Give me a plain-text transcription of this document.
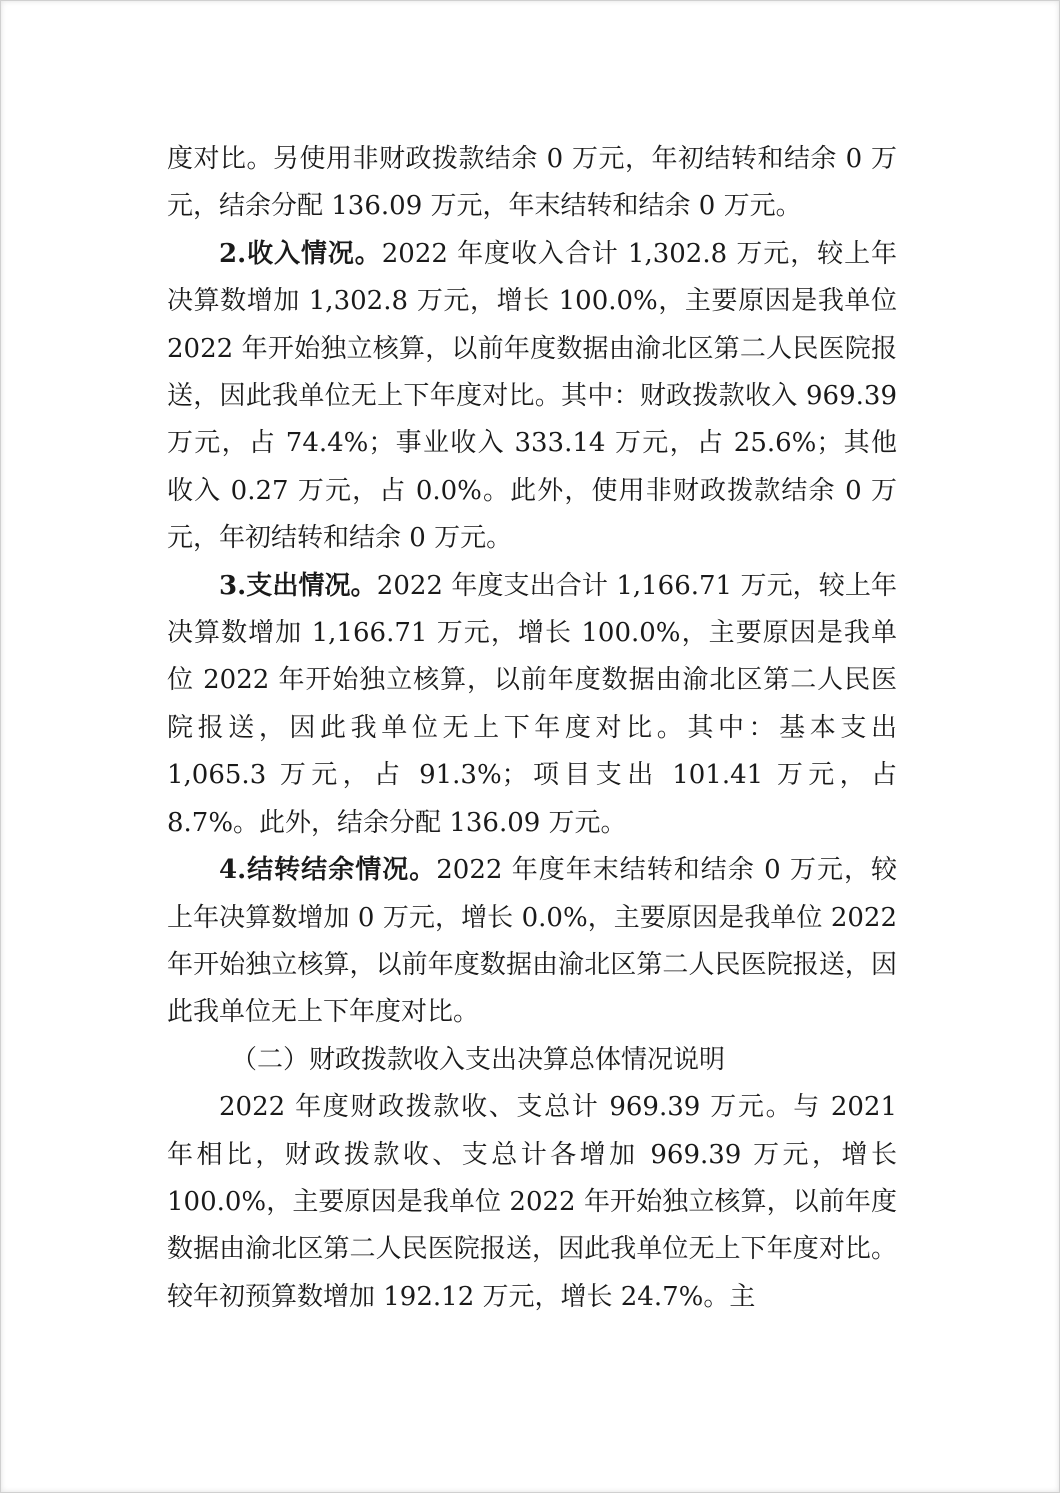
度对比。另使用非财政拨款结余 0 万元，年初结转和结余 0 万元，结余分配 136.09 万元，年末结转和结余 0 万元。

2.收入情况。2022 年度收入合计 1,302.8 万元，较上年决算数增加 1,302.8 万元，增长 100.0%，主要原因是我单位 2022 年开始独立核算，以前年度数据由渝北区第二人民医院报送，因此我单位无上下年度对比。其中：财政拨款收入 969.39 万元，占 74.4%；事业收入 333.14 万元，占 25.6%；其他收入 0.27 万元，占 0.0%。此外，使用非财政拨款结余 0 万元，年初结转和结余 0 万元。

3.支出情况。2022 年度支出合计 1,166.71 万元，较上年决算数增加 1,166.71 万元，增长 100.0%，主要原因是我单位 2022 年开始独立核算，以前年度数据由渝北区第二人民医院报送，因此我单位无上下年度对比。其中：基本支出 1,065.3 万元，占 91.3%；项目支出 101.41 万元，占 8.7%。此外，结余分配 136.09 万元。

4.结转结余情况。2022 年度年末结转和结余 0 万元，较上年决算数增加 0 万元，增长 0.0%，主要原因是我单位 2022 年开始独立核算，以前年度数据由渝北区第二人民医院报送，因此我单位无上下年度对比。

（二）财政拨款收入支出决算总体情况说明

2022 年度财政拨款收、支总计 969.39 万元。与 2021 年相比，财政拨款收、支总计各增加 969.39 万元，增长 100.0%，主要原因是我单位 2022 年开始独立核算，以前年度数据由渝北区第二人民医院报送，因此我单位无上下年度对比。较年初预算数增加 192.12 万元，增长 24.7%。主
